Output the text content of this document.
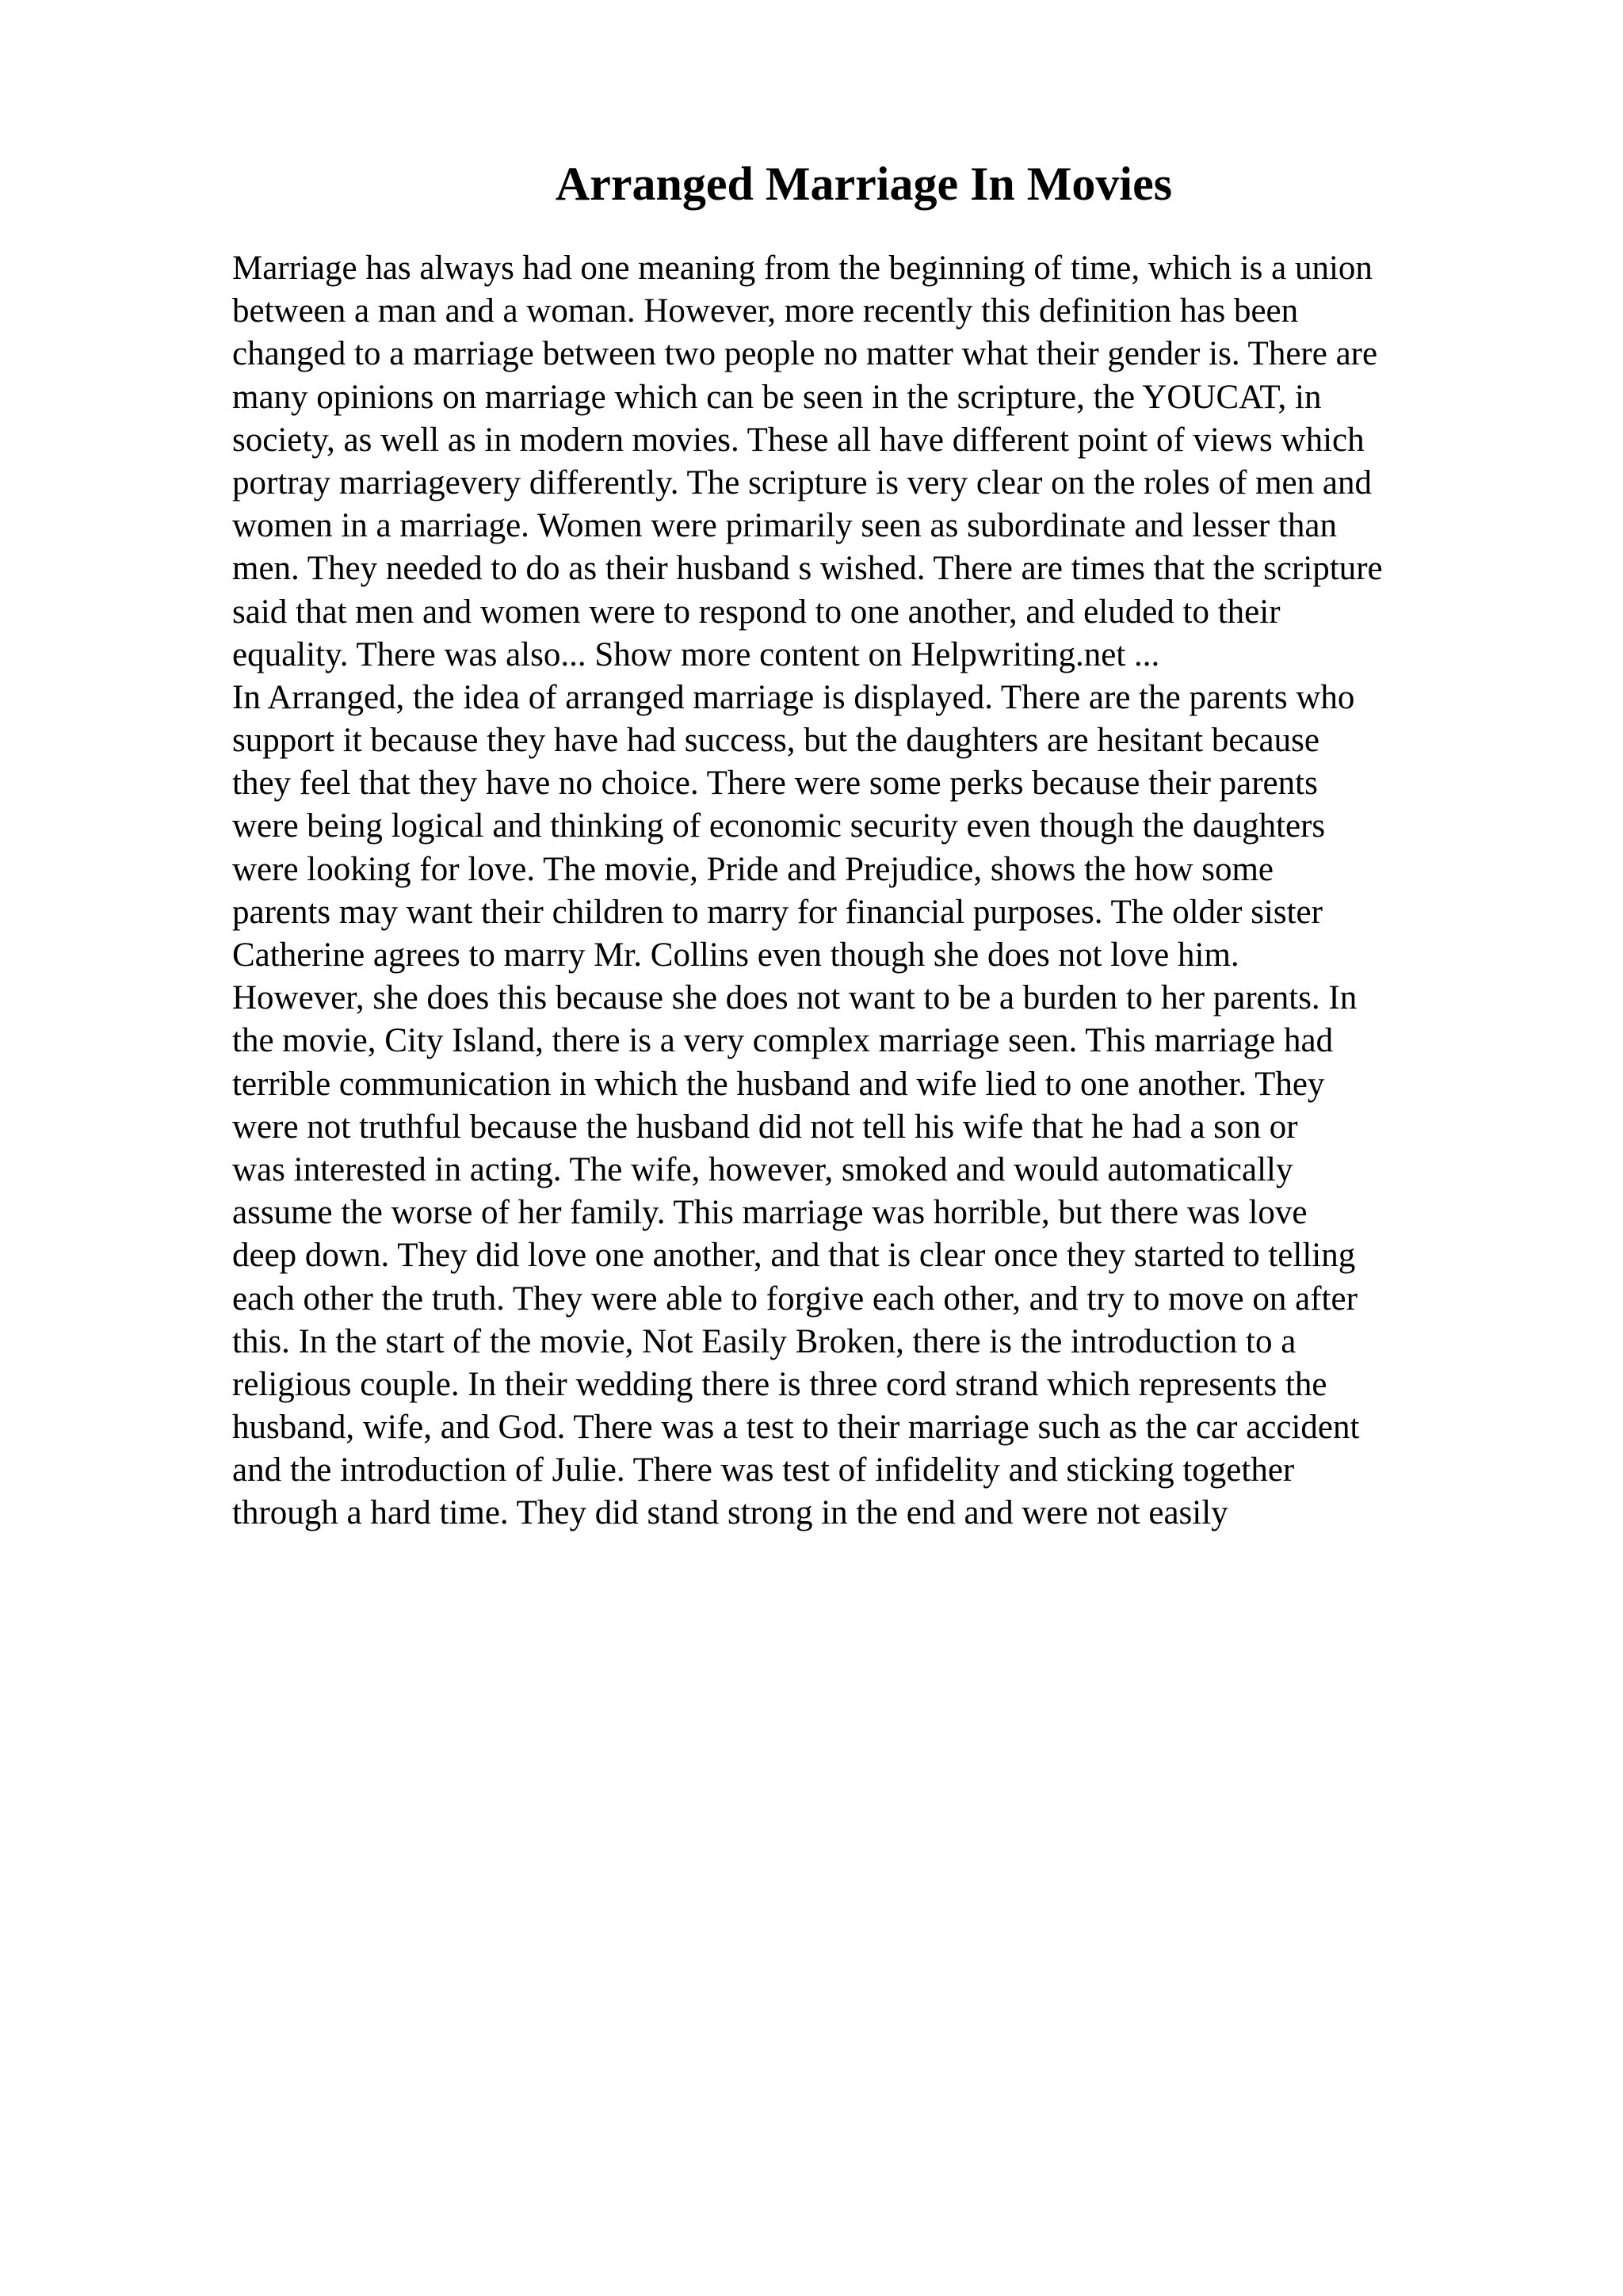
Arranged Marriage In Movies
Marriage has always had one meaning from the beginning of time, which is a union
between a man and a woman. However, more recently this definition has been
changed to a marriage between two people no matter what their gender is. There are
many opinions on marriage which can be seen in the scripture, the YOUCAT, in
society, as well as in modern movies. These all have different point of views which
portray marriagevery differently. The scripture is very clear on the roles of men and
women in a marriage. Women were primarily seen as subordinate and lesser than
men. They needed to do as their husband s wished. There are times that the scripture
said that men and women were to respond to one another, and eluded to their
equality. There was also... Show more content on Helpwriting.net ...
In Arranged, the idea of arranged marriage is displayed. There are the parents who
support it because they have had success, but the daughters are hesitant because
they feel that they have no choice. There were some perks because their parents
were being logical and thinking of economic security even though the daughters
were looking for love. The movie, Pride and Prejudice, shows the how some
parents may want their children to marry for financial purposes. The older sister
Catherine agrees to marry Mr. Collins even though she does not love him.
However, she does this because she does not want to be a burden to her parents. In
the movie, City Island, there is a very complex marriage seen. This marriage had
terrible communication in which the husband and wife lied to one another. They
were not truthful because the husband did not tell his wife that he had a son or
was interested in acting. The wife, however, smoked and would automatically
assume the worse of her family. This marriage was horrible, but there was love
deep down. They did love one another, and that is clear once they started to telling
each other the truth. They were able to forgive each other, and try to move on after
this. In the start of the movie, Not Easily Broken, there is the introduction to a
religious couple. In their wedding there is three cord strand which represents the
husband, wife, and God. There was a test to their marriage such as the car accident
and the introduction of Julie. There was test of infidelity and sticking together
through a hard time. They did stand strong in the end and were not easily
